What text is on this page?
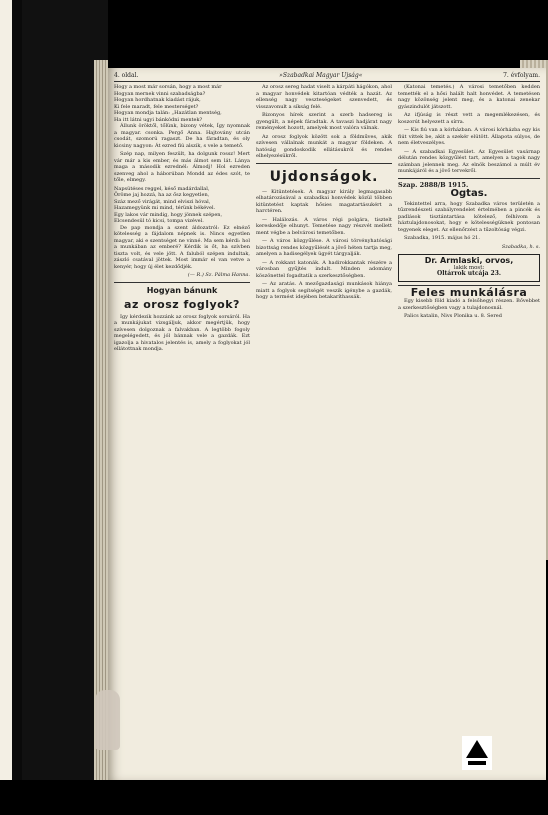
4. oldal.	»Szabadkai Magyar Ujság«	7. évfolyam.
Hogy a most már sorsán, hogy a most már
Hogyan mernek vinni szabadságba?
Hogyan hordhatnak kiadást rájuk,
Ki fele maradt, fele mesterséget?
Hogyan mondja talán: „Hazátlan mentség,
Ha itt látni ugyi bánkódni mentek?

Állunk öröktől, tőlünk, bizony vétek, Így nyomnak a magyar. csonka. Pergő Anna. Hajtovány utcán csodát, szomorú ragaszt. De ha fáradtan, és oly kicsiny nagyon: Át ezred fiú alszik, s vele a temető.

Szép nap, milyen feszült, ha dolgunk rossz! Mert vár már a kis ember, és más álmot sem lát. Lánya maga a második ezrednél: Álmodj! Hol ezreden szenveg ahol a háborúban Mondd az édes szót, te tőle, elmegy.

Napsütéses reggel, késő madárdallal,
Öröme jaj hozzá, ha az ősz kegyetlen,
Száz mező virágát, mind elviszi hóval,
Hazamegyünk mi mind, térünk békével.
Egy lakos vár mindig, hogy jönnek szépen,
Elcsendesül tó kicsi, tompa vizével.

De pap mondja a szent áldozatról: Ez elnéző kötelesség a fájdalom népnek is. Nincs egyetlen magyar, aki e szentséget ne vinné. Ma sem kérdi: hol a munkában az emberé? Kérdik is őt, ha szívben tiszta volt, és vele jött. A faluból szépen indultak, zászló csatával jöttek. Most immár el van vetve a kenyér, hogy új élet kezdődjék.

(— R.) Sz. Pálma Hanna.
Hogyan bánunk
az orosz foglyok?

Igy kérdezik hozzánk az orosz foglyok sorsáról. Ha a munkájukat vizsgáljuk, akkor megértjük, hogy szívesen dolgoznak a falvakban. A legtöbb fogoly megelégedett, és jól bánnak vele a gazdák. Ezt igazolja a hivatalos jelentés is, amely a foglyokat jól ellátottnak mondja.

Az orosz sereg hadat viselt a kárpáti hágókon, ahol a magyar honvédek kitartóan védték a hazát. Az ellenség nagy veszteségeket szenvedett, és visszavonult a síkság felé.

Bizonyos hírek szerint a szerb hadsereg is gyengült, a népek fáradtak. A tavaszi hadjárat nagy reményeket hozott, amelyek most valóra válnak.

Az orosz foglyok között sok a földműves, akik szívesen vállalnak munkát a magyar földeken. A hatóság gondoskodik ellátásukról és rendes elhelyezésükről.

Ujdonságok.

— Kitüntetések. A magyar király legmagasabb elhatározásával a szabadkai honvédek közül többen kitüntetést kaptak hősies magatartásukért a harctéren.

— Halálozás. A város régi polgára, tisztelt kereskedője elhunyt. Temetése nagy részvét mellett ment végbe a belvárosi temetőben.

— A város közgyűlése. A városi törvényhatósági bizottság rendes közgyűlését a jövő héten tartja meg, amelyen a hadisegélyek ügyét tárgyalják.

— A rokkant katonák. A hadirokkantak részére a városban gyűjtés indult. Minden adomány köszönettel fogadtatik a szerkesztőségben.

— Az aratás. A mezőgazdasági munkások hiánya miatt a foglyok segítségét veszik igénybe a gazdák, hogy a termést idejében betakaríthassák.

(Katonai temetés.) A városi temetőben kedden temették el a hősi halált halt honvédet. A temetésen nagy közönség jelent meg, és a katonai zenekar gyászindulót játszott.

Az ifjúság is részt vett a megemlékezésen, és koszorút helyezett a sírra.

— Kis fiú van a kórházban. A városi kórházba egy kis fiút vittek be, akit a szekér elütött. Állapota súlyos, de nem életveszélyes.

— A szabadkai Egyesület. Az Egyesület vasárnap délután rendes közgyűlést tart, amelyen a tagok nagy számban jelennek meg. Az elnök beszámol a múlt év munkájáról és a jövő tervekről.

Szap. 2888/B 1915.
Ogtas.

Tekintettel arra, hogy Szabadka város területén a tűzrendészeti szabályrendelet értelmében a pincék és padlások tisztántartása kötelező, felhívom a háztulajdonosokat, hogy e kötelességüknek pontosan tegyenek eleget. Az ellenőrzést a tűzoltóság végzi.

Szabadka, 1915. május hó 21.

Szabadka, h. s.
Dr. Armlaski, orvos,
lakik most:
Oltárrok utcája 23.
Feles munkálásra

Egy kisebb föld kiadó a felsőhegyi részen. Bővebbet a szerkesztőségben vagy a tulajdonosnál.

Palics katalin, Nivs Plonika u. 8. Sered
